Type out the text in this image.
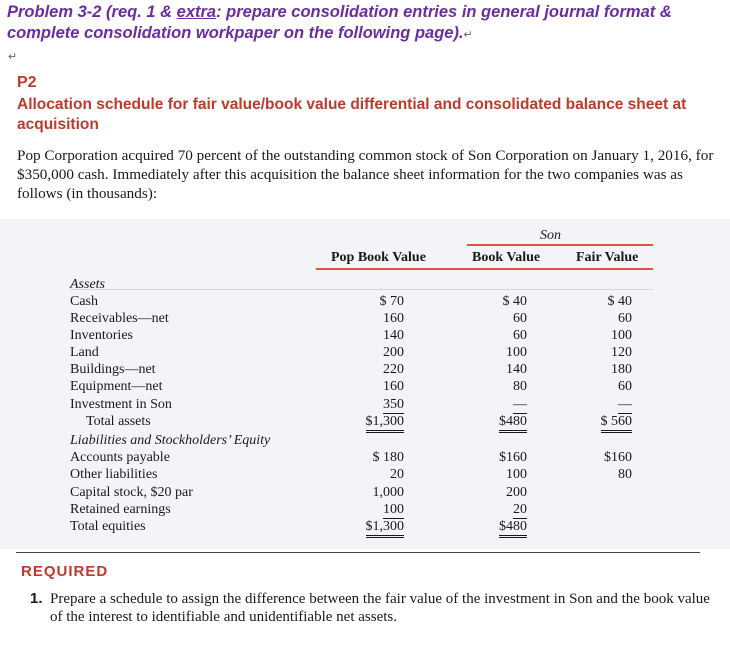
Problem 3-2 (req. 1 & extra: prepare consolidation entries in general journal format & complete consolidation workpaper on the following page).↵
↵
P2
Allocation schedule for fair value/book value differential and consolidated balance sheet at acquisition
Pop Corporation acquired 70 percent of the outstanding common stock of Son Corporation on January 1, 2016, for $350,000 cash. Immediately after this acquisition the balance sheet information for the two companies was as follows (in thousands):
Son
Pop Book Value	Book Value	Fair Value
Assets
Cash	$ 70	$ 40	$ 40
Receivables—net	160	60	60
Inventories	140	60	100
Land	200	100	120
Buildings—net	220	140	180
Equipment—net	160	80	60
Investment in Son	350	—	—
Total assets	$1,300	$480	$ 560
Liabilities and Stockholders’ Equity
Accounts payable	$ 180	$160	$160
Other liabilities	20	100	80
Capital stock, $20 par	1,000	200
Retained earnings	100	20
Total equities	$1,300	$480
REQUIRED
1. Prepare a schedule to assign the difference between the fair value of the investment in Son and the book value of the interest to identifiable and unidentifiable net assets.
